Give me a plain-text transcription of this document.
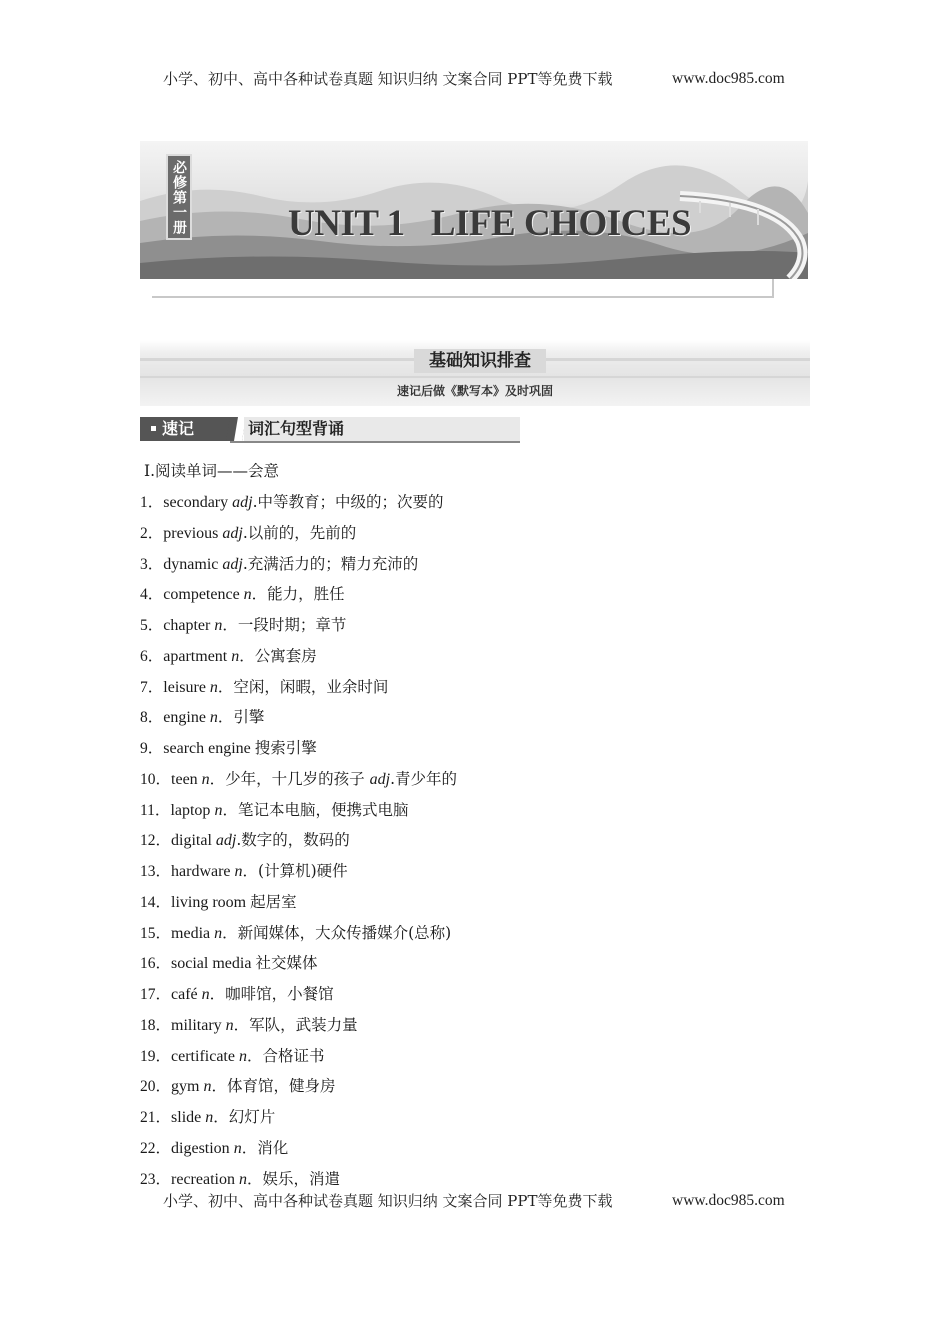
小学、初中、高中各种试卷真题 知识归纳 文案合同 PPT等免费下载	www.doc985.com
必修第一册	UNIT 1   LIFE CHOICES
基础知识排查
速记后做《默写本》及时巩固
速记	词汇句型背诵
Ⅰ.阅读单词——会意
1．secondary adj.中等教育；中级的；次要的
2．previous adj.以前的，先前的
3．dynamic adj.充满活力的；精力充沛的
4．competence n．能力，胜任
5．chapter n．一段时期；章节
6．apartment n．公寓套房
7．leisure n．空闲，闲暇，业余时间
8．engine n．引擎
9．search engine 搜索引擎
10．teen n．少年，十几岁的孩子 adj.青少年的
11．laptop n．笔记本电脑，便携式电脑
12．digital adj.数字的，数码的
13．hardware n．(计算机)硬件
14．living room 起居室
15．media n．新闻媒体，大众传播媒介(总称)
16．social media 社交媒体
17．café n．咖啡馆，小餐馆
18．military n．军队，武装力量
19．certificate n．合格证书
20．gym n．体育馆，健身房
21．slide n．幻灯片
22．digestion n．消化
23．recreation n．娱乐，消遣
小学、初中、高中各种试卷真题 知识归纳 文案合同 PPT等免费下载	www.doc985.com
